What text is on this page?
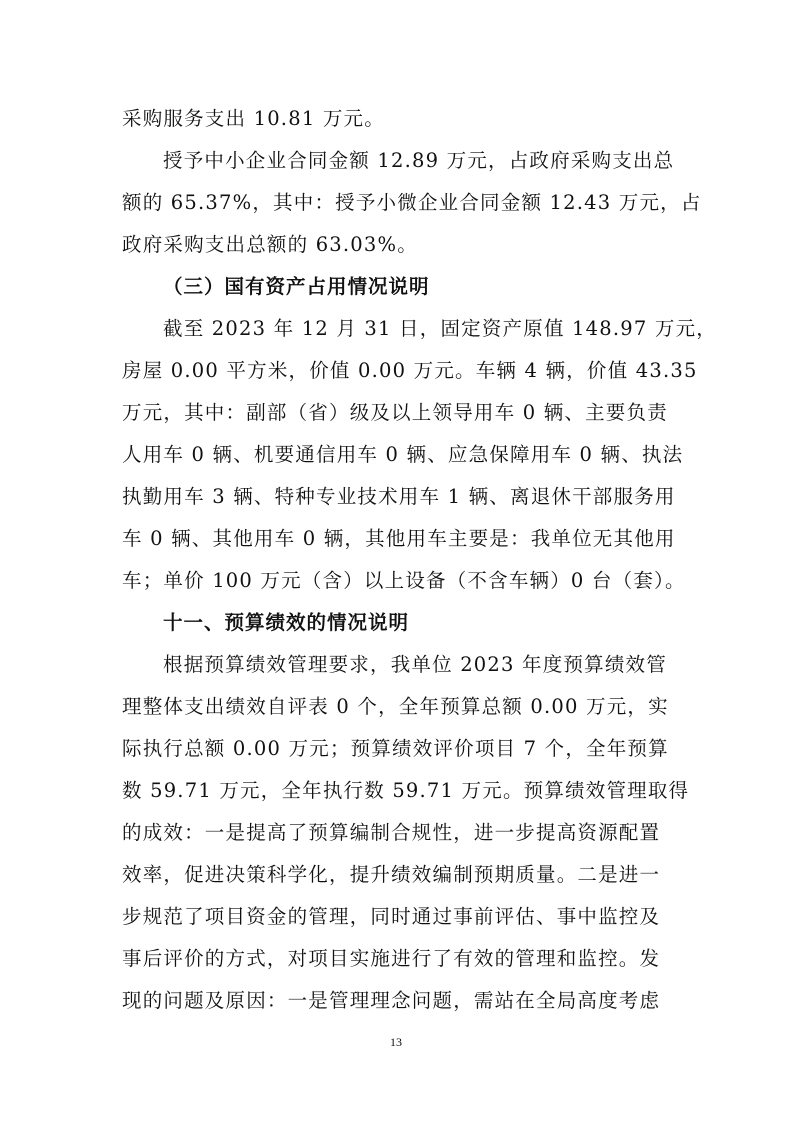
采购服务支出 10.81 万元。
授予中小企业合同金额 12.89 万元，占政府采购支出总
额的 65.37%，其中：授予小微企业合同金额 12.43 万元，占
政府采购支出总额的 63.03%。
（三）国有资产占用情况说明
截至 2023 年 12 月 31 日，固定资产原值 148.97 万元，
房屋 0.00 平方米，价值 0.00 万元。车辆 4 辆，价值 43.35
万元，其中：副部（省）级及以上领导用车 0 辆、主要负责
人用车 0 辆、机要通信用车 0 辆、应急保障用车 0 辆、执法
执勤用车 3 辆、特种专业技术用车 1 辆、离退休干部服务用
车 0 辆、其他用车 0 辆，其他用车主要是：我单位无其他用
车；单价 100 万元（含）以上设备（不含车辆）0 台（套）。
十一、预算绩效的情况说明
根据预算绩效管理要求，我单位 2023 年度预算绩效管
理整体支出绩效自评表 0 个，全年预算总额 0.00 万元，实
际执行总额 0.00 万元；预算绩效评价项目 7 个，全年预算
数 59.71 万元，全年执行数 59.71 万元。预算绩效管理取得
的成效：一是提高了预算编制合规性，进一步提高资源配置
效率，促进决策科学化，提升绩效编制预期质量。二是进一
步规范了项目资金的管理，同时通过事前评估、事中监控及
事后评价的方式，对项目实施进行了有效的管理和监控。发
现的问题及原因：一是管理理念问题，需站在全局高度考虑
13
